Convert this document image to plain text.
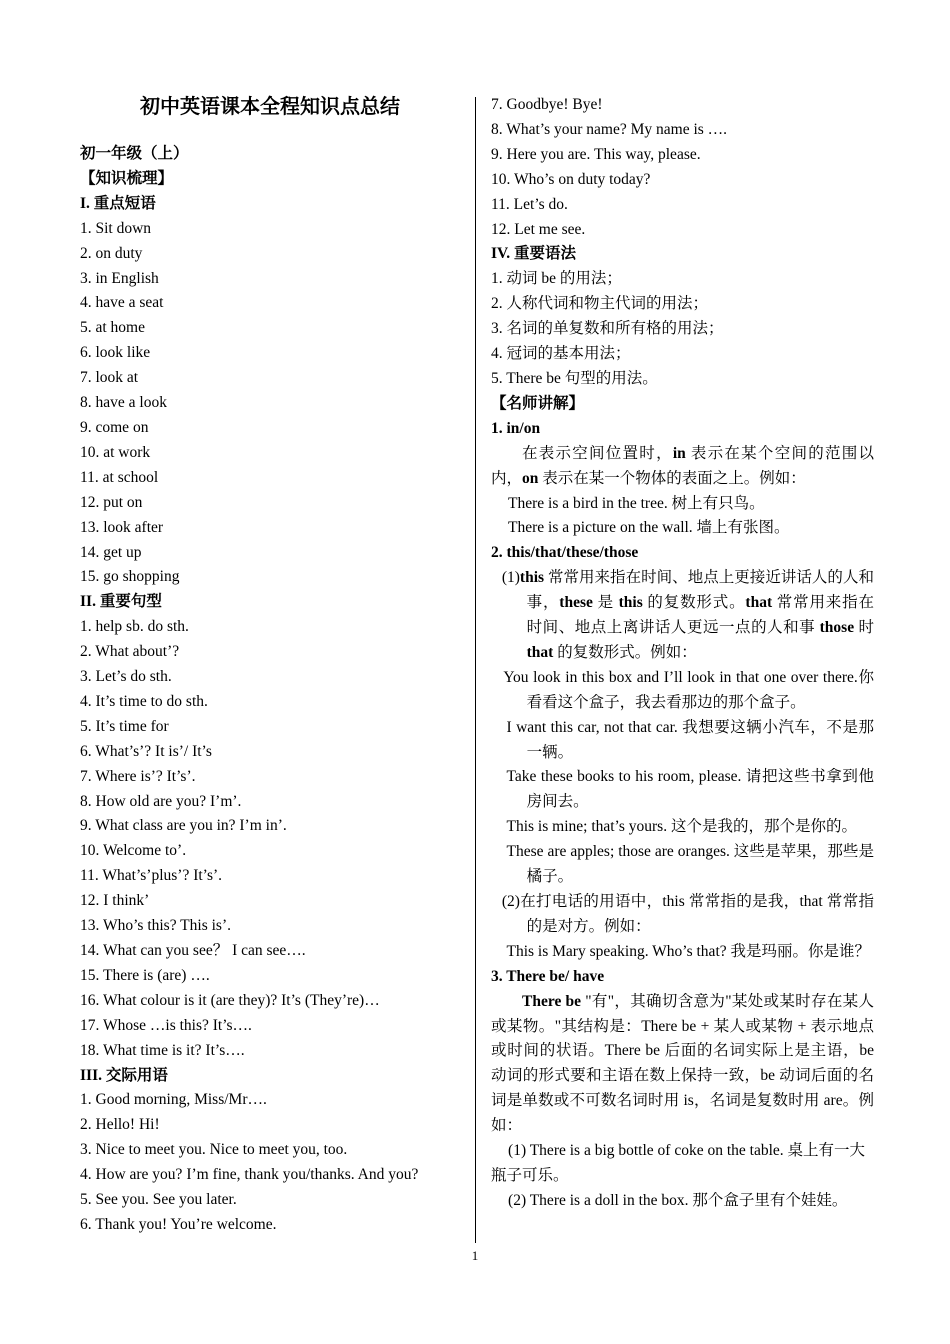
初中英语课本全程知识点总结
初一年级（上）
【知识梳理】
I. 重点短语
1. Sit down
2. on duty
3. in English
4. have a seat
5. at home
6. look like
7. look at
8. have a look
9. come on
10. at work
11. at school
12. put on
13. look after
14. get up
15. go shopping
II. 重要句型
1. help sb. do sth.
2. What about’?
3. Let’s do sth.
4. It’s time to do sth.
5. It’s time for
6. What’s’? It is’/ It’s
7. Where is’? It’s’.
8. How old are you? I’m’.
9. What class are you in? I’m in’.
10. Welcome to’.
11. What’s’plus’? It’s’.
12. I think’
13. Who’s this? This is’.
14. What can you see？ I can see….
15. There is (are) ….
16. What colour is it (are they)? It’s (They’re)…
17. Whose …is this? It’s….
18. What time is it? It’s….
III. 交际用语
1. Good morning, Miss/Mr….
2. Hello! Hi!
3. Nice to meet you. Nice to meet you, too.
4. How are you? I’m fine, thank you/thanks. And you?
5. See you. See you later.
6. Thank you! You’re welcome.
7. Goodbye! Bye!
8. What’s your name? My name is ….
9. Here you are. This way, please.
10. Who’s on duty today?
11. Let’s do.
12. Let me see.
IV. 重要语法
1. 动词 be 的用法；
2. 人称代词和物主代词的用法；
3. 名词的单复数和所有格的用法；
4. 冠词的基本用法；
5. There be 句型的用法。
【名师讲解】
1. in/on
在表示空间位置时，in 表示在某个空间的范围以内，on 表示在某一个物体的表面之上。例如：
There is a bird in the tree. 树上有只鸟。
There is a picture on the wall. 墙上有张图。
2. this/that/these/those
(1)this 常常用来指在时间、地点上更接近讲话人的人和事，these 是 this 的复数形式。that 常常用来指在时间、地点上离讲话人更远一点的人和事 those 时 that 的复数形式。例如：
You look in this box and I’ll look in that one over there.你看看这个盒子，我去看那边的那个盒子。
I want this car, not that car. 我想要这辆小汽车，不是那一辆。
Take these books to his room, please. 请把这些书拿到他房间去。
This is mine; that’s yours. 这个是我的，那个是你的。
These are apples; those are oranges. 这些是苹果，那些是橘子。
(2)在打电话的用语中，this 常常指的是我，that 常常指的是对方。例如：
This is Mary speaking. Who’s that? 我是玛丽。你是谁？
3. There be/ have
There be "有"，其确切含意为"某处或某时存在某人或某物。"其结构是：There be + 某人或某物 + 表示地点或时间的状语。There be 后面的名词实际上是主语，be 动词的形式要和主语在数上保持一致，be 动词后面的名词是单数或不可数名词时用 is，名词是复数时用 are。例如：
(1) There is a big bottle of coke on the table. 桌上有一大瓶子可乐。
(2) There is a doll in the box. 那个盒子里有个娃娃。
1
